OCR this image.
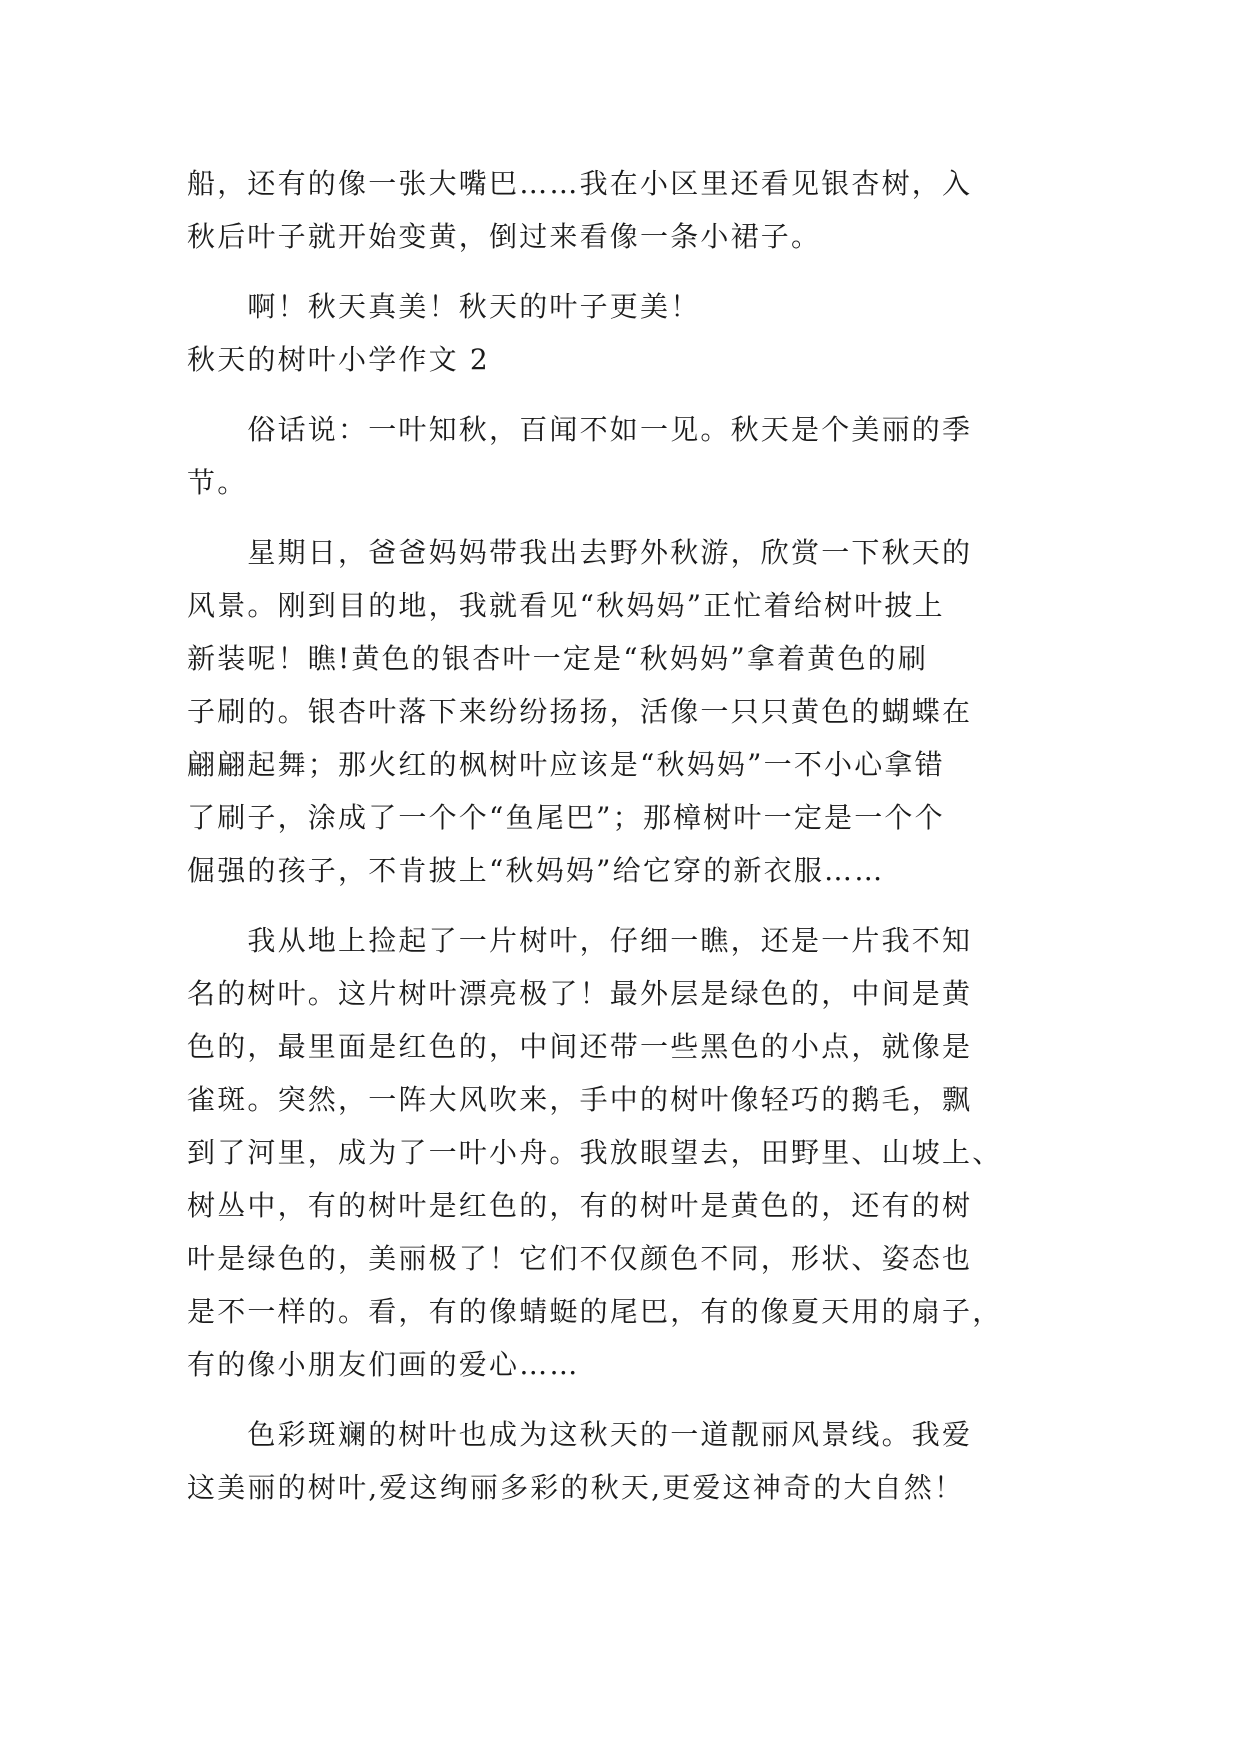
船，还有的像一张大嘴巴……我在小区里还看见银杏树，入
秋后叶子就开始变黄，倒过来看像一条小裙子。
　　啊！秋天真美！秋天的叶子更美！
秋天的树叶小学作文 2
　　俗话说：一叶知秋，百闻不如一见。秋天是个美丽的季
节。
　　星期日，爸爸妈妈带我出去野外秋游，欣赏一下秋天的
风景。刚到目的地，我就看见“秋妈妈”正忙着给树叶披上
新装呢！瞧!黄色的银杏叶一定是“秋妈妈”拿着黄色的刷
子刷的。银杏叶落下来纷纷扬扬，活像一只只黄色的蝴蝶在
翩翩起舞；那火红的枫树叶应该是“秋妈妈”一不小心拿错
了刷子，涂成了一个个“鱼尾巴”；那樟树叶一定是一个个
倔强的孩子，不肯披上“秋妈妈”给它穿的新衣服……
　　我从地上捡起了一片树叶，仔细一瞧，还是一片我不知
名的树叶。这片树叶漂亮极了！最外层是绿色的，中间是黄
色的，最里面是红色的，中间还带一些黑色的小点，就像是
雀斑。突然，一阵大风吹来，手中的树叶像轻巧的鹅毛，飘
到了河里，成为了一叶小舟。我放眼望去，田野里、山坡上、
树丛中，有的树叶是红色的，有的树叶是黄色的，还有的树
叶是绿色的，美丽极了！它们不仅颜色不同，形状、姿态也
是不一样的。看，有的像蜻蜓的尾巴，有的像夏天用的扇子，
有的像小朋友们画的爱心……
　　色彩斑斓的树叶也成为这秋天的一道靓丽风景线。我爱
这美丽的树叶,爱这绚丽多彩的秋天,更爱这神奇的大自然！
